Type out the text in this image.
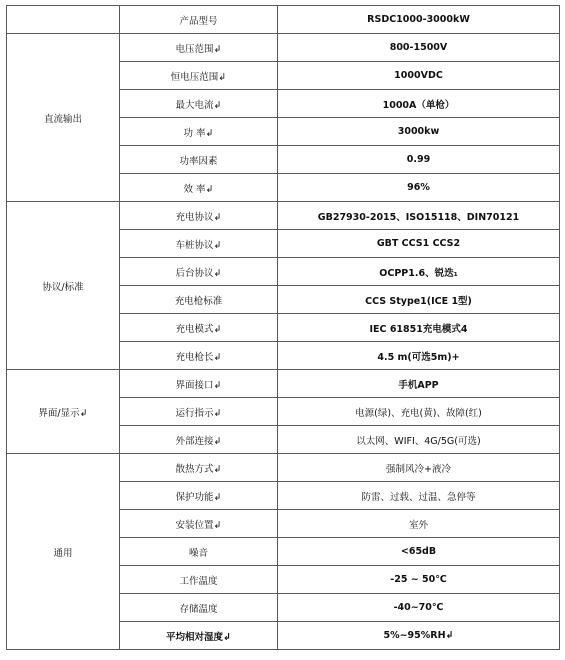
	产品型号	RSDC1000-3000kW
直流输出	电压范围↲	800-1500V
	恒电压范围↲	1000VDC
	最大电流↲	1000A（单枪）
	功 率↲	3000kw
	功率因素	0.99
	效 率↲	96%
协议/标准	充电协议↲	GB27930-2015、ISO15118、DIN70121
	车桩协议↲	GBT CCS1 CCS2
	后台协议↲	OCPP1.6、锐迭₁
	充电枪标准	CCS Stype1(ICE 1型)
	充电模式↲	IEC 61851充电模式4
	充电枪长↲	4.5 m(可选5m)+
界面/显示↲	界面接口↲	手机APP
	运行指示↲	电源(绿)、充电(黄)、故障(红)
	外部连接↲	以太网、WIFI、4G/5G(可选)
通用	散热方式↲	强制风冷+液冷
	保护功能↲	防雷、过载、过温、急停等
	安装位置↲	室外
	噪音	<65dB
	工作温度	-25 ~ 50℃
	存储温度	-40~70℃
	平均相对湿度↲	5%~95%RH↲
